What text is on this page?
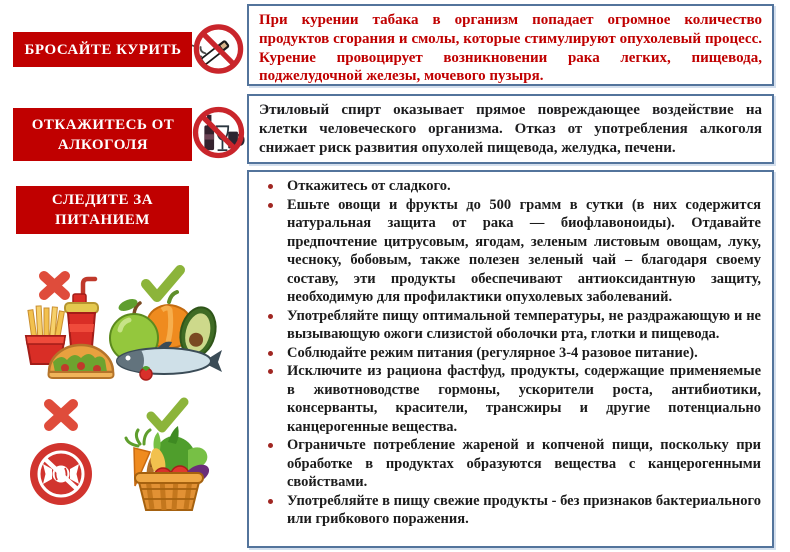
БРОСАЙТЕ КУРИТЬ
ОТКАЖИТЕСЬ ОТ АЛКОГОЛЯ
СЛЕДИТЕ ЗА ПИТАНИЕМ

При курении табака в организм попадает огромное количество продуктов сгорания и смолы, которые стимулируют опухолевый процесс. Курение провоцирует возникновении рака легких, пищевода, поджелудочной железы, мочевого пузыря.

Этиловый спирт оказывает прямое повреждающее воздействие на клетки человеческого организма. Отказ от употребления алкоголя снижает риск развития опухолей пищевода, желудка, печени.

Откажитесь от сладкого.
Ешьте овощи и фрукты до 500 грамм в сутки (в них содержится натуральная защита от рака — биофлавоноиды). Отдавайте предпочтение цитрусовым, ягодам, зеленым листовым овощам, луку, чесноку, бобовым, также полезен зеленый чай – благодаря своему составу, эти продукты обеспечивают антиоксидантную защиту, необходимую для профилактики опухолевых заболеваний.
Употребляйте пищу оптимальной температуры, не раздражающую и не вызывающую ожоги слизистой оболочки рта, глотки и пищевода.
Соблюдайте режим питания (регулярное 3-4 разовое питание).
Исключите из рациона фастфуд, продукты, содержащие применяемые в животноводстве гормоны, ускорители роста, антибиотики, консерванты, красители, трансжиры и другие потенциально канцерогенные вещества.
Ограничьте потребление жареной и копченой пищи, поскольку при обработке в продуктах образуются вещества с канцерогенными свойствами.
Употребляйте в пищу свежие продукты - без признаков бактериального или грибкового поражения.
